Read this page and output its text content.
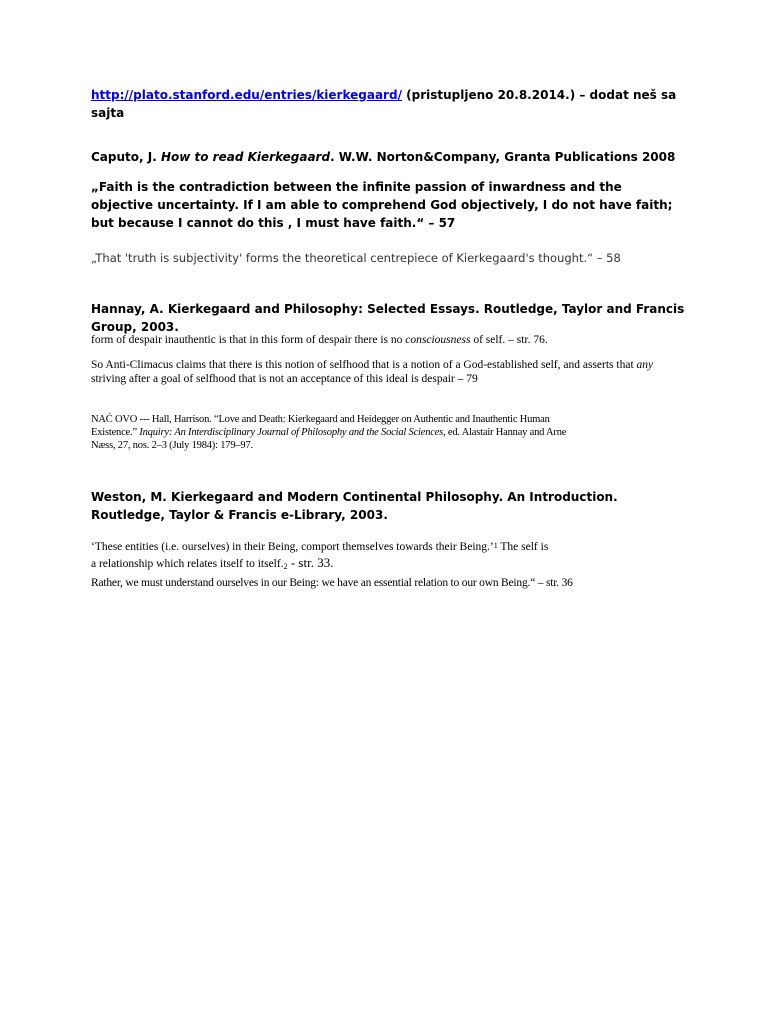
http://plato.stanford.edu/entries/kierkegaard/ (pristupljeno 20.8.2014.) – dodat neš sa sajta
Caputo, J. How to read Kierkegaard. W.W. Norton&Company, Granta Publications 2008
„Faith is the contradiction between the infinite passion of inwardness and the objective uncertainty. If I am able to comprehend God objectively, I do not have faith; but because I cannot do this , I must have faith.“ – 57
„That 'truth is subjectivity' forms the theoretical centrepiece of Kierkegaard's thought.“ – 58
Hannay, A. Kierkegaard and Philosophy: Selected Essays. Routledge, Taylor and Francis Group, 2003.
form of despair inauthentic is that in this form of despair there is no consciousness of self. – str. 76.
So Anti-Climacus claims that there is this notion of selfhood that is a notion of a God-established self, and asserts that any striving after a goal of selfhood that is not an acceptance of this ideal is despair – 79
NAĆ OVO --- Hall, Harrison. “Love and Death: Kierkegaard and Heidegger on Authentic and Inauthentic Human Existence.” Inquiry: An Interdisciplinary Journal of Philosophy and the Social Sciences, ed. Alastair Hannay and Arne Næss, 27, nos. 2–3 (July 1984): 179–97.
Weston, M. Kierkegaard and Modern Continental Philosophy. An Introduction. Routledge, Taylor & Francis e-Library, 2003.
‘These entities (i.e. ourselves) in their Being, comport themselves towards their Being.’$^1$ The self is a relationship which relates itself to $itself._2$ - str. 33.
Rather, we must understand ourselves in our Being: we have an essential relation to our own Being.“ – str. 36
